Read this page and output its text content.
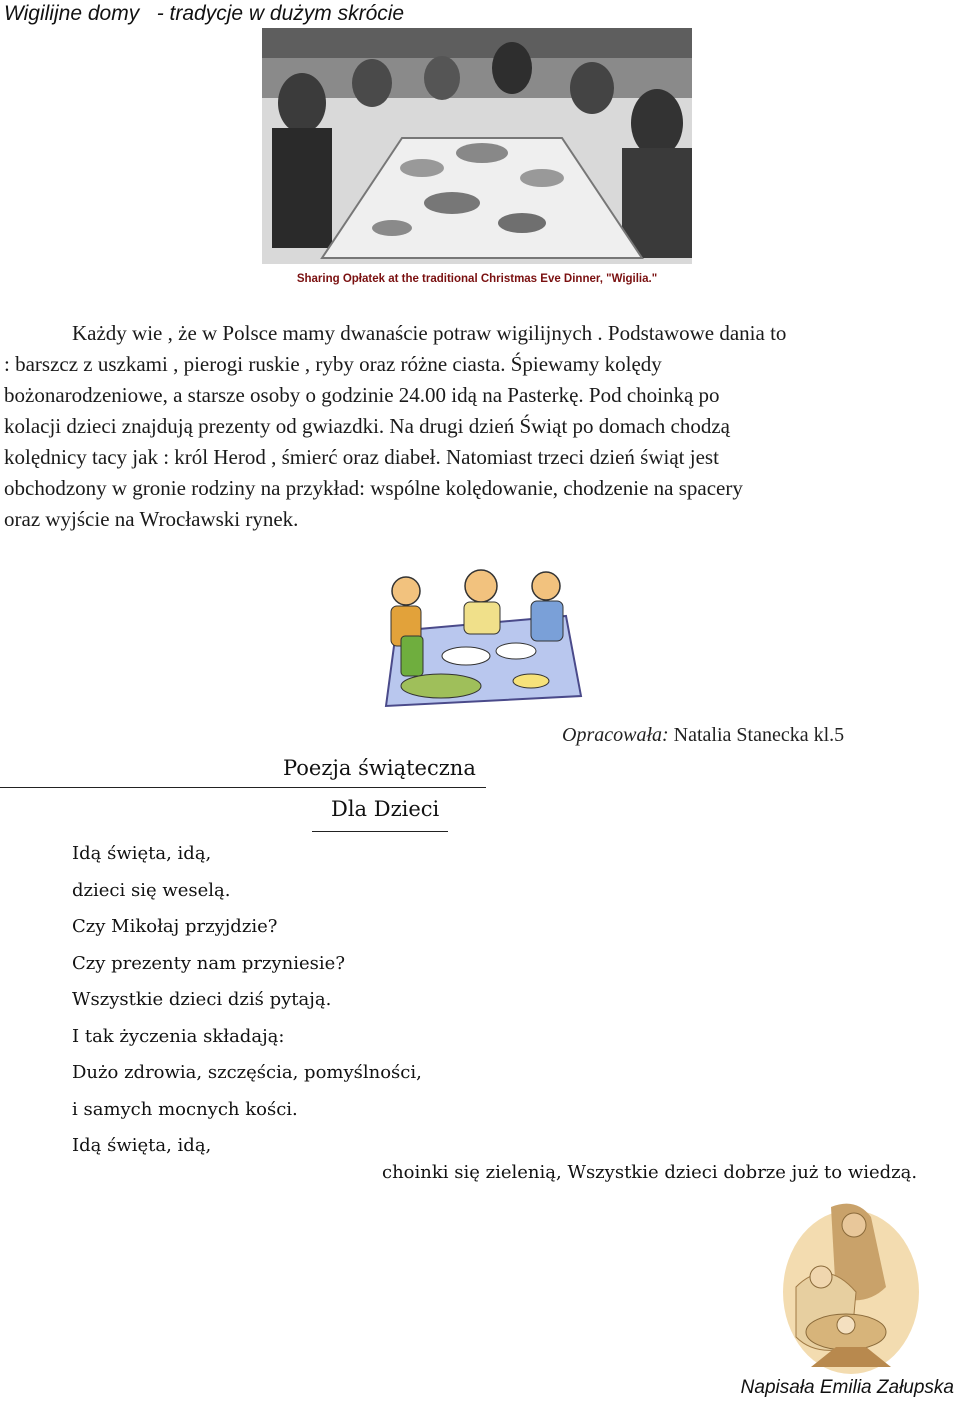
Wigilijne domy   - tradycje w dużym skrócie
Sharing Opłatek at the traditional Christmas Eve Dinner, "Wigilia."
Każdy wie , że w Polsce mamy dwanaście potraw wigilijnych . Podstawowe dania to
: barszcz z uszkami , pierogi ruskie , ryby oraz różne ciasta. Śpiewamy kolędy
bożonarodzeniowe, a starsze osoby o godzinie 24.00 idą na Pasterkę. Pod choinką po
kolacji dzieci znajdują prezenty od gwiazdki. Na drugi dzień Świąt po domach chodzą
kolędnicy tacy jak : król Herod , śmierć oraz diabeł. Natomiast trzeci dzień świąt jest
obchodzony w gronie rodziny na przykład: wspólne kolędowanie, chodzenie na spacery
oraz wyjście na Wrocławski rynek.
Opracowała: Natalia Stanecka kl.5
Poezja świąteczna
Dla Dzieci
Idą święta, idą,
dzieci się weselą.
Czy Mikołaj przyjdzie?
Czy prezenty nam przyniesie?
Wszystkie dzieci dziś pytają.
I tak życzenia składają:
Dużo zdrowia, szczęścia, pomyślności,
i samych mocnych kości.
Idą święta, idą,
choinki się zielenią, Wszystkie dzieci dobrze już to wiedzą.
Napisała Emilia Załupska
